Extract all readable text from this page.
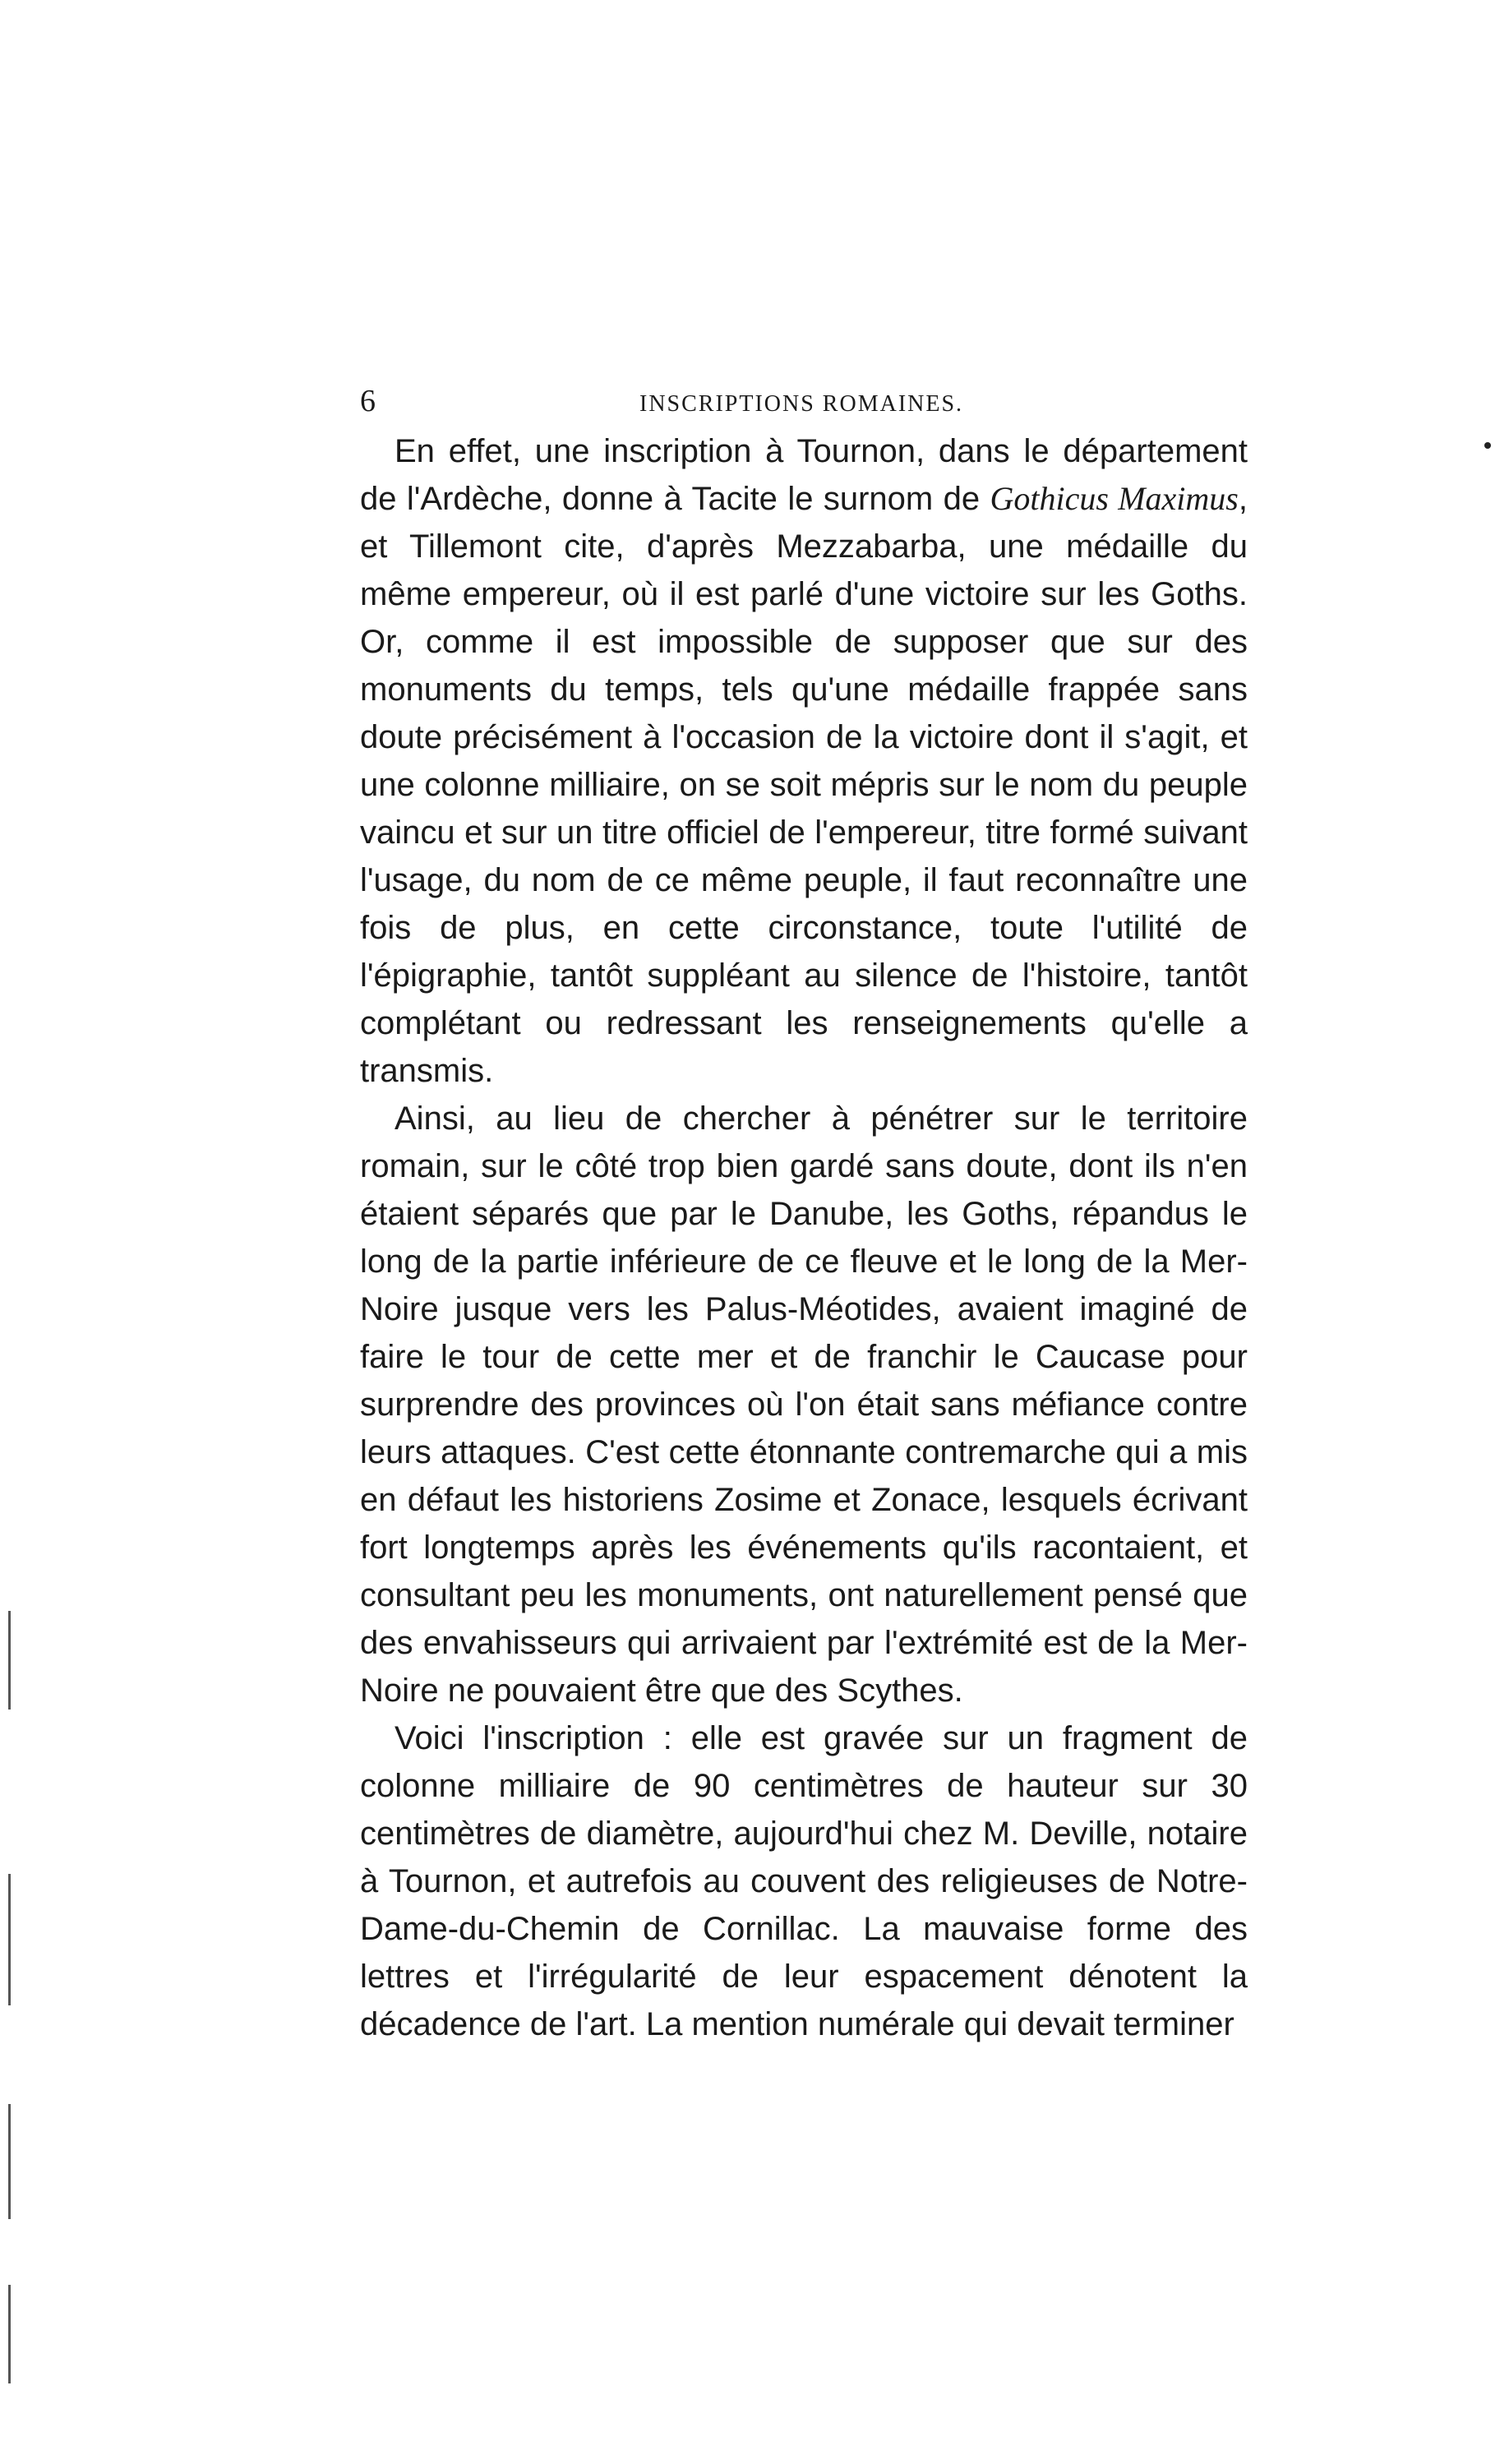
6	INSCRIPTIONS ROMAINES.

En effet, une inscription à Tournon, dans le département de l'Ardèche, donne à Tacite le surnom de Gothicus Maximus, et Tillemont cite, d'après Mezzabarba, une médaille du même empereur, où il est parlé d'une victoire sur les Goths. Or, comme il est impossible de supposer que sur des monuments du temps, tels qu'une médaille frappée sans doute précisément à l'occasion de la victoire dont il s'agit, et une colonne milliaire, on se soit mépris sur le nom du peuple vaincu et sur un titre officiel de l'empereur, titre formé suivant l'usage, du nom de ce même peuple, il faut reconnaître une fois de plus, en cette circonstance, toute l'utilité de l'épigraphie, tantôt suppléant au silence de l'histoire, tantôt complétant ou redressant les renseignements qu'elle a transmis.

Ainsi, au lieu de chercher à pénétrer sur le territoire romain, sur le côté trop bien gardé sans doute, dont ils n'en étaient séparés que par le Danube, les Goths, répandus le long de la partie inférieure de ce fleuve et le long de la Mer-Noire jusque vers les Palus-Méotides, avaient imaginé de faire le tour de cette mer et de franchir le Caucase pour surprendre des provinces où l'on était sans méfiance contre leurs attaques. C'est cette étonnante contremarche qui a mis en défaut les historiens Zosime et Zonace, lesquels écrivant fort longtemps après les événements qu'ils racontaient, et consultant peu les monuments, ont naturellement pensé que des envahisseurs qui arrivaient par l'extrémité est de la Mer-Noire ne pouvaient être que des Scythes.

Voici l'inscription : elle est gravée sur un fragment de colonne milliaire de 90 centimètres de hauteur sur 30 centimètres de diamètre, aujourd'hui chez M. Deville, notaire à Tournon, et autrefois au couvent des religieuses de Notre-Dame-du-Chemin de Cornillac. La mauvaise forme des lettres et l'irrégularité de leur espacement dénotent la décadence de l'art. La mention numérale qui devait terminer
